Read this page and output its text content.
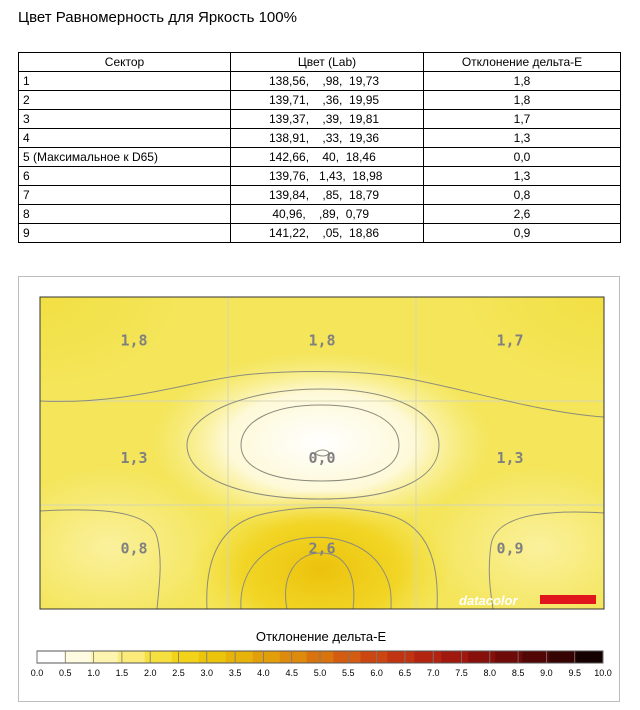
Цвет Равномерность для Яркость 100%
Сектор	Цвет (Lab)	Отклонение дельта-E
1	138,56,    ,98,  19,73	1,8
2	139,71,    ,36,  19,95	1,8
3	139,37,    ,39,  19,81	1,7
4	138,91,    ,33,  19,36	1,3
5 (Максимальное к D65)	142,66,    40,  18,46	0,0
6	139,76,   1,43,  18,98	1,3
7	139,84,    ,85,  18,79	0,8
8	40,96,    ,89,  0,79	2,6
9	141,22,    ,05,  18,86	0,9
1,8	1,8	1,7
1,3	0,0	1,3
0,8	2,6	0,9
datacolor
Отклонение дельта-E
0.0 0.5 1.0 1.5 2.0 2.5 3.0 3.5 4.0 4.5 5.0 5.5 6.0 6.5 7.0 7.5 8.0 8.5 9.0 9.5 10.0
